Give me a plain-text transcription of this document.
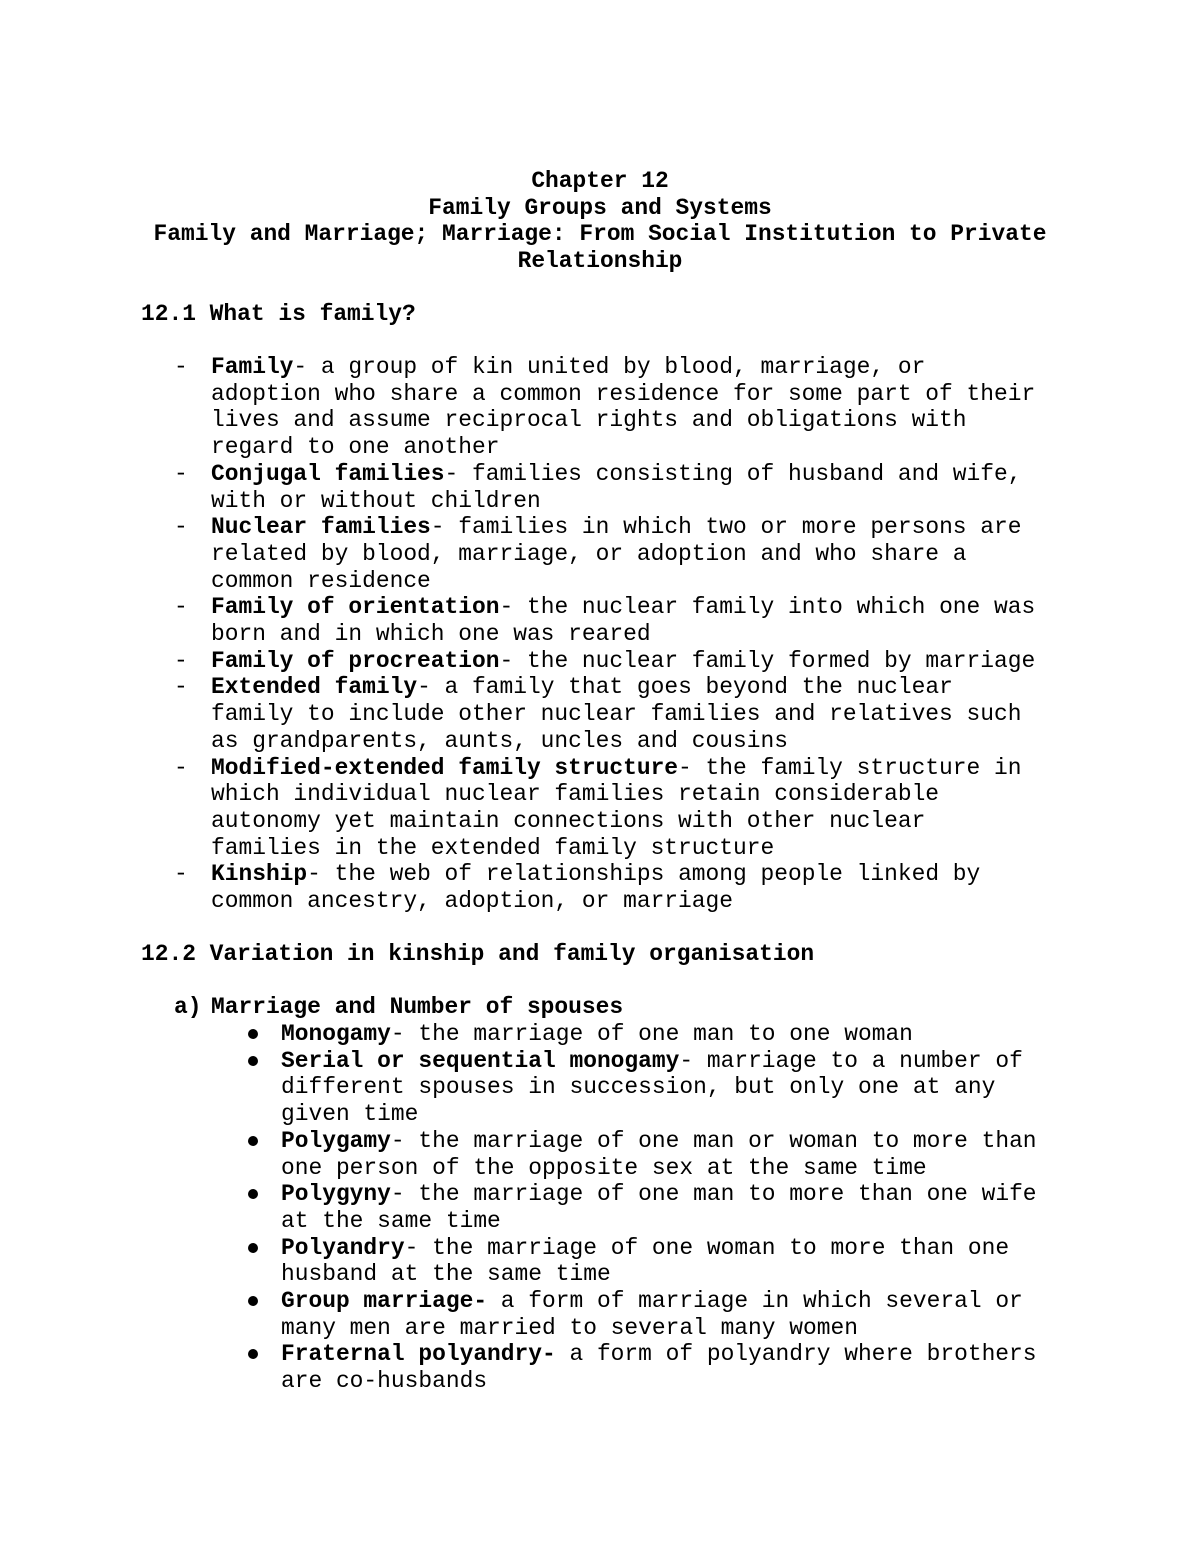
Chapter 12
Family Groups and Systems
Family and Marriage; Marriage: From Social Institution to Private
Relationship
12.1 What is family?
- Family- a group of kin united by blood, marriage, or
adoption who share a common residence for some part of their
lives and assume reciprocal rights and obligations with
regard to one another
- Conjugal families- families consisting of husband and wife,
with or without children
- Nuclear families- families in which two or more persons are
related by blood, marriage, or adoption and who share a
common residence
- Family of orientation- the nuclear family into which one was
born and in which one was reared
- Family of procreation- the nuclear family formed by marriage
- Extended family- a family that goes beyond the nuclear
family to include other nuclear families and relatives such
as grandparents, aunts, uncles and cousins
- Modified-extended family structure- the family structure in
which individual nuclear families retain considerable
autonomy yet maintain connections with other nuclear
families in the extended family structure
- Kinship- the web of relationships among people linked by
common ancestry, adoption, or marriage
12.2 Variation in kinship and family organisation
a) Marriage and Number of spouses
Monogamy- the marriage of one man to one woman
Serial or sequential monogamy- marriage to a number of
different spouses in succession, but only one at any
given time
Polygamy- the marriage of one man or woman to more than
one person of the opposite sex at the same time
Polygyny- the marriage of one man to more than one wife
at the same time
Polyandry- the marriage of one woman to more than one
husband at the same time
Group marriage- a form of marriage in which several or
many men are married to several many women
Fraternal polyandry- a form of polyandry where brothers
are co-husbands
